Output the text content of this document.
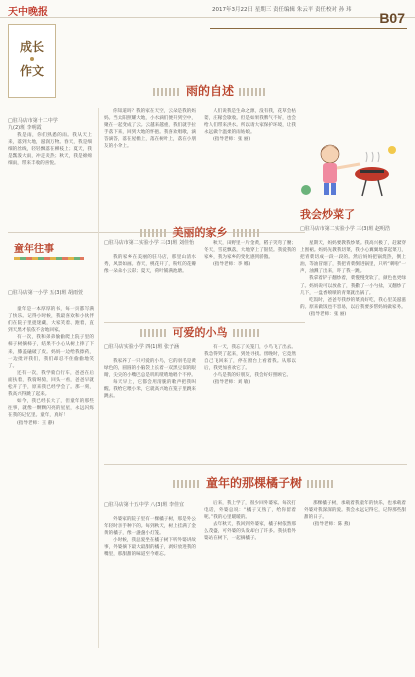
天中晚报	2017年3月22日 星期三 责任编辑 朱云平 责任校对 孙 玮 B07
成长
作文
雨的自述
□驻马店市第十二中学
九(2)班 李明霞

我是雨，你们熟悉的雨。我从天上来，落到大地，滋润万物。春天，我是细细的丝线，轻轻飘落在柳枝上；夏天，我是瓢泼大雨，冲走炎热；秋天，我是绵绵细雨，带来丰收的喜悦。

你知道吗？我的家在天空，云朵是我的妈妈。当太阳照耀大地，小水滴们便升到空中，聚在一起变成了云。云越来越重，我们就手拉手落下来，回到大地的怀抱。我喜欢唱歌，滴答滴答，落在屋檐上，落在树叶上，落在小朋友的小伞上。

人们说我是生命之源，没有我，花草会枯萎，庄稼会歇收。但是如果我脾气不好，也会给人们带来洪水。所以请大家保护环境，让我永远做个温柔的雨姑娘。

(指导老师：张 丽)

我会炒菜了
□驻马店市第二实验小学 三(3)班 赵明浩

星期天，妈妈要教我炒菜。我高兴极了，赶紧穿上围裙。妈妈先教我切菜，我小心翼翼地拿起菜刀，把青菜切成一段一段的。然后妈妈把锅烧热，倒上油，等油冒烟了，我把青菜倒进锅里，只听“刺啦”一声，油溅了出来，吓了我一跳。

我拿着铲子翻炒着，菜慢慢变软了，颜色也更绿了。妈妈说可以放盐了，我撒了一小勺盐，又翻炒了几下，一盘香喷喷的青菜就出锅了。

吃饭时，爸爸夸我炒的菜真好吃，我心里美滋滋的。原来做饭也不容易，以后我要多帮妈妈做家务。

(指导老师：张 丽)

美丽的家乡
□驻马店市第二实验小学 三(3)班 刘佳怡

我的家乡在美丽的驻马店，那里山清水秀，风景如画。春天，桃花开了，粉红的花瓣像一朵朵小云彩；夏天，荷叶铺满池塘。

秋天，田野里一片金黄，稻子笑弯了腰；冬天，雪花飘落，大地穿上了银装。我爱我的家乡，我为家乡的变化感到骄傲。

(指导老师：李 娜)

童年往事
□驻马店第一小学 五(3)班 胡雨萱

童年是一本厚厚的书，每一页都写满了快乐。记得小时候，我最喜欢和小伙伴们在院子里捉迷藏，大家笑着、跑着，直到天黑才依依不舍地回家。

有一次，我和弟弟偷偷爬上院子里的柿子树摘柿子，结果不小心从树上摔了下来，膝盖磕破了皮。妈妈一边给我擦药，一边批评我们，我们却忍不住偷偷地笑了。

还有一次，我学骑自行车，爸爸在后面扶着，我骑呀骑，回头一看，爸爸早就松开了手，原来我已经学会了。那一刻，我高兴得跳了起来。

如今，我已经长大了，但童年的那些往事，就像一颗颗闪亮的星星，永远闪烁在我的记忆里。童年，真好！

(指导老师：王 静)

可爱的小鸟
□驻马店实验小学 四(1)班 张子涵

我家养了一只可爱的小鸟，它的羽毛是黄绿色的，圆圆的小脑袋上长着一双黑豆似的眼睛，尖尖的小嘴巴总是叽叽喳喳地唱个不停。

每天早上，它都会用清脆的歌声把我叫醒。我给它喂小米，它就高兴地在笼子里跳来跳去。

有一天，我忘了关笼门，小鸟飞了出去。我急得哭了起来，到处寻找。傍晚时，它竟然自己飞回来了，停在窗台上看着我。从那以后，我更加喜欢它了。

小鸟是我的好朋友，我会好好照顾它。

(指导老师：刘 敏)

童年的那棵橘子树
□驻马店第十五中学 八(3)班 李佳宜

外婆家的院子里有一棵橘子树，那是外公年轻时亲手种下的。每到秋天，树上挂满了金黄的橘子，像一盏盏小灯笼。

小时候，我总爱坐在橘子树下听外婆讲故事，外婆摘下最大最甜的橘子，剥好放进我的嘴里，那甜甜的味道至今难忘。

后来，我上学了，很少回外婆家。每次打电话，外婆总说：“橘子又熟了，给你留着呢。”我的心里暖暖的。

去年秋天，我回到外婆家，橘子树依然那么茂盛，可外婆的头发却白了许多。我扶着外婆站在树下，一起摘橘子。

那棵橘子树，承载着我童年的快乐，也承载着外婆对我深深的爱。我会永远记得它，记得那些甜甜的日子。

(指导老师：陈 燕)
